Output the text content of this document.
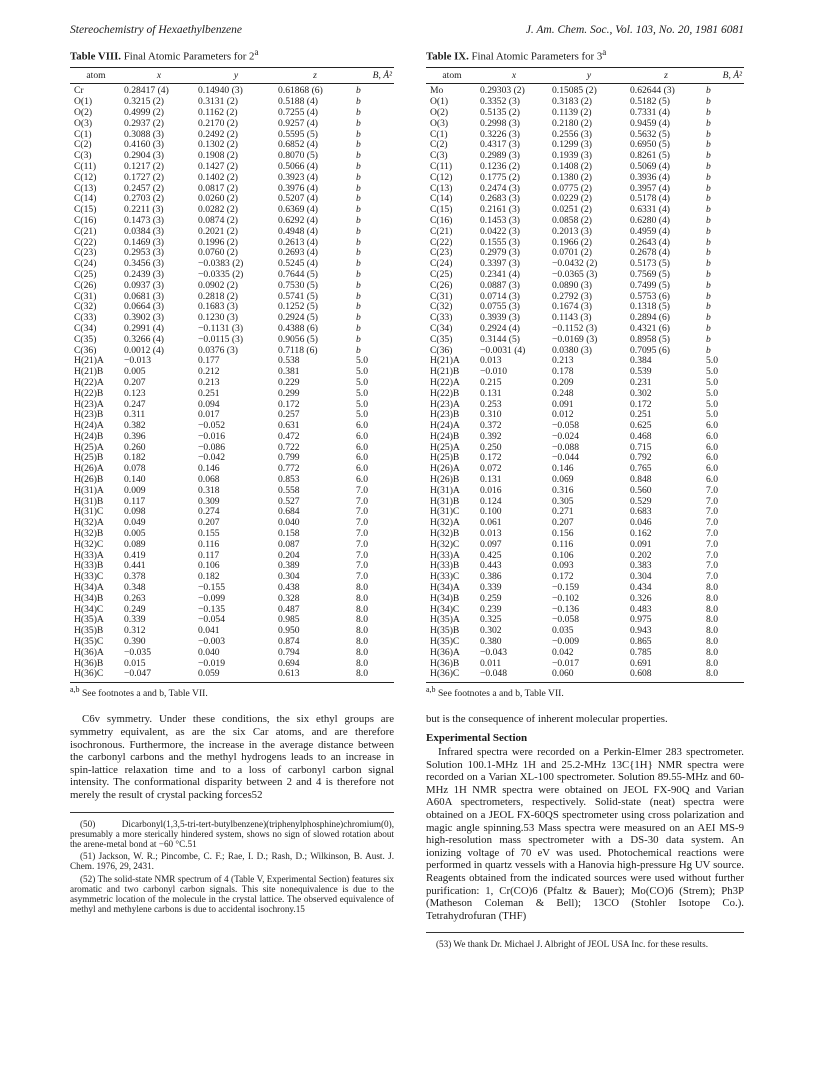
Stereochemistry of Hexaethylbenzene	J. Am. Chem. Soc., Vol. 103, No. 20, 1981 6081
Table VIII. Final Atomic Parameters for 2$^a$
atom	x	y	z	B, Å²
Cr	0.28417 (4)	0.14940 (3)	0.61868 (6)	b
O(1)	0.3215 (2)	0.3131 (2)	0.5188 (4)	b
O(2)	0.4999 (2)	0.1162 (2)	0.7255 (4)	b
O(3)	0.2937 (2)	0.2170 (2)	0.9257 (4)	b
C(1)	0.3088 (3)	0.2492 (2)	0.5595 (5)	b
C(2)	0.4160 (3)	0.1302 (2)	0.6852 (4)	b
C(3)	0.2904 (3)	0.1908 (2)	0.8070 (5)	b
C(11)	0.1217 (2)	0.1427 (2)	0.5066 (4)	b
C(12)	0.1727 (2)	0.1402 (2)	0.3923 (4)	b
C(13)	0.2457 (2)	0.0817 (2)	0.3976 (4)	b
C(14)	0.2703 (2)	0.0260 (2)	0.5207 (4)	b
C(15)	0.2211 (3)	0.0282 (2)	0.6369 (4)	b
C(16)	0.1473 (3)	0.0874 (2)	0.6292 (4)	b
C(21)	0.0384 (3)	0.2021 (2)	0.4948 (4)	b
C(22)	0.1469 (3)	0.1996 (2)	0.2613 (4)	b
C(23)	0.2953 (3)	0.0760 (2)	0.2693 (4)	b
C(24)	0.3456 (3)	−0.0383 (2)	0.5245 (4)	b
C(25)	0.2439 (3)	−0.0335 (2)	0.7644 (5)	b
C(26)	0.0937 (3)	0.0902 (2)	0.7530 (5)	b
C(31)	0.0681 (3)	0.2818 (2)	0.5741 (5)	b
C(32)	0.0664 (3)	0.1683 (3)	0.1252 (5)	b
C(33)	0.3902 (3)	0.1230 (3)	0.2924 (5)	b
C(34)	0.2991 (4)	−0.1131 (3)	0.4388 (6)	b
C(35)	0.3266 (4)	−0.0115 (3)	0.9056 (5)	b
C(36)	0.0012 (4)	0.0376 (3)	0.7118 (6)	b
H(21)A	−0.013	0.177	0.538	5.0
H(21)B	0.005	0.212	0.381	5.0
H(22)A	0.207	0.213	0.229	5.0
H(22)B	0.123	0.251	0.299	5.0
H(23)A	0.247	0.094	0.172	5.0
H(23)B	0.311	0.017	0.257	5.0
H(24)A	0.382	−0.052	0.631	6.0
H(24)B	0.396	−0.016	0.472	6.0
H(25)A	0.260	−0.086	0.722	6.0
H(25)B	0.182	−0.042	0.799	6.0
H(26)A	0.078	0.146	0.772	6.0
H(26)B	0.140	0.068	0.853	6.0
H(31)A	0.009	0.318	0.558	7.0
H(31)B	0.117	0.309	0.527	7.0
H(31)C	0.098	0.274	0.684	7.0
H(32)A	0.049	0.207	0.040	7.0
H(32)B	0.005	0.155	0.158	7.0
H(32)C	0.089	0.116	0.087	7.0
H(33)A	0.419	0.117	0.204	7.0
H(33)B	0.441	0.106	0.389	7.0
H(33)C	0.378	0.182	0.304	7.0
H(34)A	0.348	−0.155	0.438	8.0
H(34)B	0.263	−0.099	0.328	8.0
H(34)C	0.249	−0.135	0.487	8.0
H(35)A	0.339	−0.054	0.985	8.0
H(35)B	0.312	0.041	0.950	8.0
H(35)C	0.390	−0.003	0.874	8.0
H(36)A	−0.035	0.040	0.794	8.0
H(36)B	0.015	−0.019	0.694	8.0
H(36)C	−0.047	0.059	0.613	8.0
$^{a,b}$ See footnotes a and b, Table VII.
C6v symmetry. Under these conditions, the six ethyl groups are symmetry equivalent, as are the six Car atoms, and are therefore isochronous. Furthermore, the increase in the average distance between the carbonyl carbons and the methyl hydrogens leads to an increase in spin-lattice relaxation time and to a loss of carbonyl carbon signal intensity. The conformational disparity between 2 and 4 is therefore not merely the result of crystal packing forces52

(50) Dicarbonyl(1,3,5-tri-tert-butylbenzene)(triphenylphosphine)chromium(0), presumably a more sterically hindered system, shows no sign of slowed rotation about the arene-metal bond at −60 °C.51

(51) Jackson, W. R.; Pincombe, C. F.; Rae, I. D.; Rash, D.; Wilkinson, B. Aust. J. Chem. 1976, 29, 2431.

(52) The solid-state NMR spectrum of 4 (Table V, Experimental Section) features six aromatic and two carbonyl carbon signals. This site nonequivalence is due to the asymmetric location of the molecule in the crystal lattice. The observed equivalence of methyl and methylene carbons is due to accidental isochrony.15

Table IX. Final Atomic Parameters for 3$^a$
atom	x	y	z	B, Å²
Mo	0.29303 (2)	0.15085 (2)	0.62644 (3)	b
O(1)	0.3352 (3)	0.3183 (2)	0.5182 (5)	b
O(2)	0.5135 (2)	0.1139 (2)	0.7331 (4)	b
O(3)	0.2998 (3)	0.2180 (2)	0.9459 (4)	b
C(1)	0.3226 (3)	0.2556 (3)	0.5632 (5)	b
C(2)	0.4317 (3)	0.1299 (3)	0.6950 (5)	b
C(3)	0.2989 (3)	0.1939 (3)	0.8261 (5)	b
C(11)	0.1236 (2)	0.1408 (2)	0.5069 (4)	b
C(12)	0.1775 (2)	0.1380 (2)	0.3936 (4)	b
C(13)	0.2474 (3)	0.0775 (2)	0.3957 (4)	b
C(14)	0.2683 (3)	0.0229 (2)	0.5178 (4)	b
C(15)	0.2161 (3)	0.0251 (2)	0.6331 (4)	b
C(16)	0.1453 (3)	0.0858 (2)	0.6280 (4)	b
C(21)	0.0422 (3)	0.2013 (3)	0.4959 (4)	b
C(22)	0.1555 (3)	0.1966 (2)	0.2643 (4)	b
C(23)	0.2979 (3)	0.0701 (2)	0.2678 (4)	b
C(24)	0.3397 (3)	−0.0432 (2)	0.5173 (5)	b
C(25)	0.2341 (4)	−0.0365 (3)	0.7569 (5)	b
C(26)	0.0887 (3)	0.0890 (3)	0.7499 (5)	b
C(31)	0.0714 (3)	0.2792 (3)	0.5753 (6)	b
C(32)	0.0755 (3)	0.1674 (3)	0.1318 (5)	b
C(33)	0.3939 (3)	0.1143 (3)	0.2894 (6)	b
C(34)	0.2924 (4)	−0.1152 (3)	0.4321 (6)	b
C(35)	0.3144 (5)	−0.0169 (3)	0.8958 (5)	b
C(36)	−0.0031 (4)	0.0380 (3)	0.7095 (6)	b
H(21)A	0.013	0.213	0.384	5.0
H(21)B	−0.010	0.178	0.539	5.0
H(22)A	0.215	0.209	0.231	5.0
H(22)B	0.131	0.248	0.302	5.0
H(23)A	0.253	0.091	0.172	5.0
H(23)B	0.310	0.012	0.251	5.0
H(24)A	0.372	−0.058	0.625	6.0
H(24)B	0.392	−0.024	0.468	6.0
H(25)A	0.250	−0.088	0.715	6.0
H(25)B	0.172	−0.044	0.792	6.0
H(26)A	0.072	0.146	0.765	6.0
H(26)B	0.131	0.069	0.848	6.0
H(31)A	0.016	0.316	0.560	7.0
H(31)B	0.124	0.305	0.529	7.0
H(31)C	0.100	0.271	0.683	7.0
H(32)A	0.061	0.207	0.046	7.0
H(32)B	0.013	0.156	0.162	7.0
H(32)C	0.097	0.116	0.091	7.0
H(33)A	0.425	0.106	0.202	7.0
H(33)B	0.443	0.093	0.383	7.0
H(33)C	0.386	0.172	0.304	7.0
H(34)A	0.339	−0.159	0.434	8.0
H(34)B	0.259	−0.102	0.326	8.0
H(34)C	0.239	−0.136	0.483	8.0
H(35)A	0.325	−0.058	0.975	8.0
H(35)B	0.302	0.035	0.943	8.0
H(35)C	0.380	−0.009	0.865	8.0
H(36)A	−0.043	0.042	0.785	8.0
H(36)B	0.011	−0.017	0.691	8.0
H(36)C	−0.048	0.060	0.608	8.0
$^{a,b}$ See footnotes a and b, Table VII.
but is the consequence of inherent molecular properties.
Experimental Section
Infrared spectra were recorded on a Perkin-Elmer 283 spectrometer. Solution 100.1-MHz 1H and 25.2-MHz 13C{1H} NMR spectra were recorded on a Varian XL-100 spectrometer. Solution 89.55-MHz and 60-MHz 1H NMR spectra were obtained on JEOL FX-90Q and Varian A60A spectrometers, respectively. Solid-state (neat) spectra were obtained on a JEOL FX-60QS spectrometer using cross polarization and magic angle spinning.53 Mass spectra were measured on an AEI MS-9 high-resolution mass spectrometer with a DS-30 data system. An ionizing voltage of 70 eV was used. Photochemical reactions were performed in quartz vessels with a Hanovia high-pressure Hg UV source. Reagents obtained from the indicated sources were used without further purification: 1, Cr(CO)6 (Pfaltz & Bauer); Mo(CO)6 (Strem); Ph3P (Matheson Coleman & Bell); 13CO (Stohler Isotope Co.). Tetrahydrofuran (THF)

(53) We thank Dr. Michael J. Albright of JEOL USA Inc. for these results.
